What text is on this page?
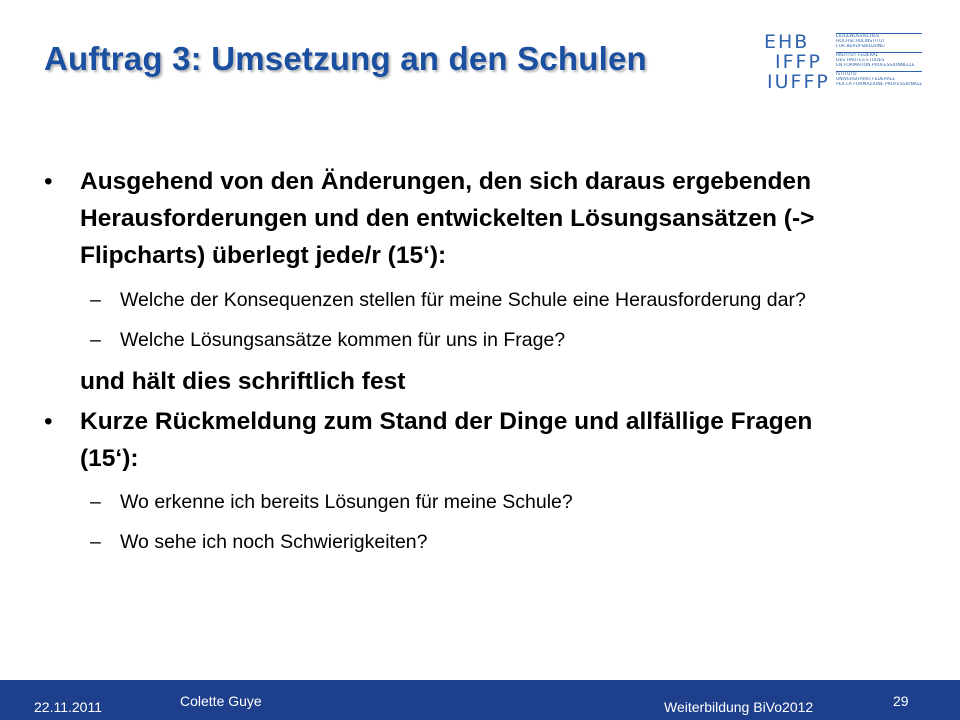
Auftrag 3: Umsetzung an den Schulen	EHB
IFFP
IUFFP
EIDGENÖSSISCHES
HOCHSCHULINSTITUT
FÜR BERUFSBILDUNG
INSTITUT FÉDÉRAL
DES HAUTES ÉTUDES
EN FORMATION PROFESSIONNELLE
ISTITUTO
UNIVERSITARIO FEDERALE
PER LA FORMAZIONE PROFESSIONALE
• Ausgehend von den Änderungen, den sich daraus ergebenden Herausforderungen und den entwickelten Lösungsansätzen (-> Flipcharts) überlegt jede/r (15‘):
– Welche der Konsequenzen stellen für meine Schule eine Herausforderung dar?
– Welche Lösungsansätze kommen für uns in Frage?
und hält dies schriftlich fest
• Kurze Rückmeldung zum Stand der Dinge und allfällige Fragen (15‘):
– Wo erkenne ich bereits Lösungen für meine Schule?
– Wo sehe ich noch Schwierigkeiten?
22.11.2011	Colette Guye	Weiterbildung BiVo2012	29
